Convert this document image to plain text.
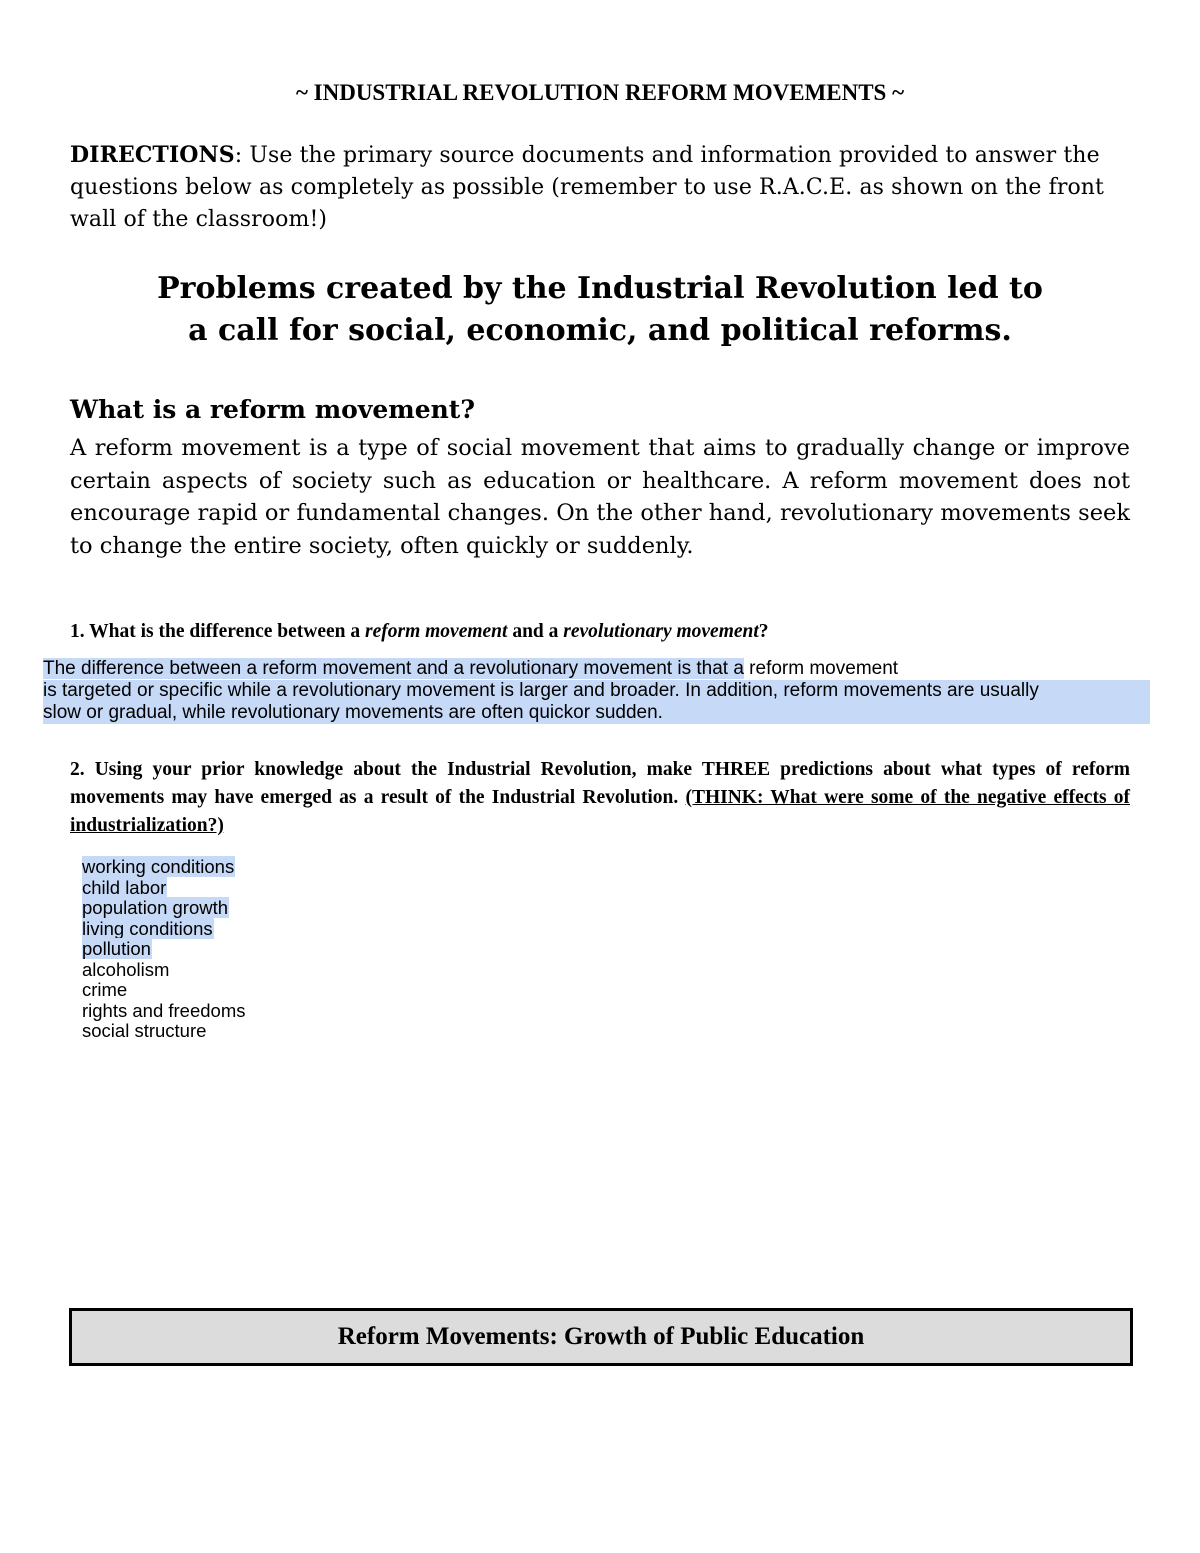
~ INDUSTRIAL REVOLUTION REFORM MOVEMENTS ~
DIRECTIONS: Use the primary source documents and information provided to answer the questions below as completely as possible (remember to use R.A.C.E. as shown on the front wall of the classroom!)
Problems created by the Industrial Revolution led to
a call for social, economic, and political reforms.
What is a reform movement?
A reform movement is a type of social movement that aims to gradually change or improve certain aspects of society such as education or healthcare. A reform movement does not encourage rapid or fundamental changes. On the other hand, revolutionary movements seek to change the entire society, often quickly or suddenly.
1. What is the difference between a reform movement and a revolutionary movement?
The difference between a reform movement and a revolutionary movement is that a reform movement
is targeted or specific while a revolutionary movement is larger and broader. In addition, reform movements are usually
slow or gradual, while revolutionary movements are often quickor sudden.
2. Using your prior knowledge about the Industrial Revolution, make THREE predictions about what types of reform movements may have emerged as a result of the Industrial Revolution. (THINK: What were some of the negative effects of industrialization?)
working conditions
child labor
population growth
living conditions
pollution
alcoholism
crime
rights and freedoms
social structure
Reform Movements: Growth of Public Education
